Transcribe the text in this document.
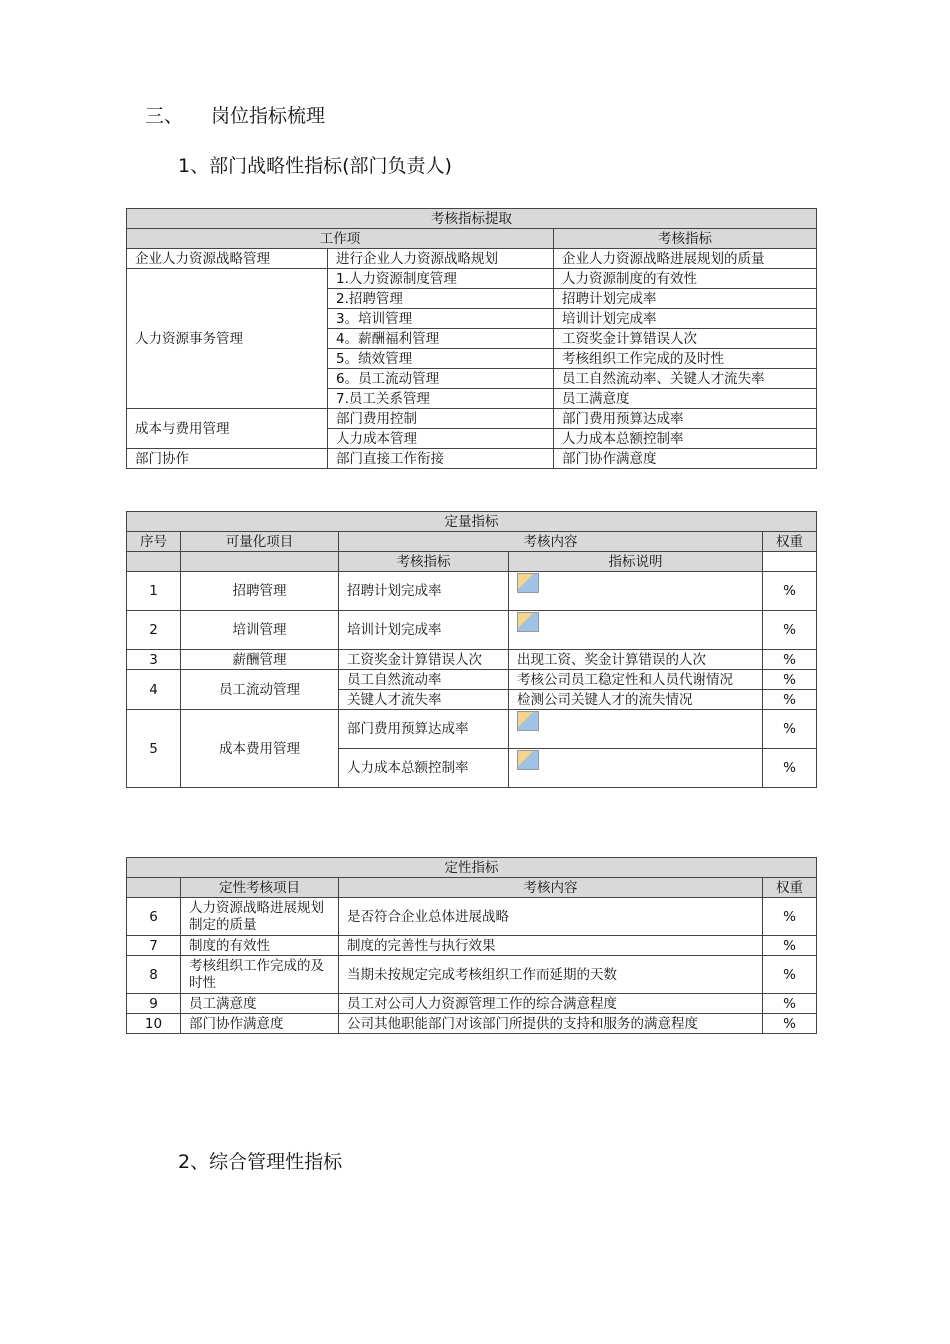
三、 岗位指标梳理
1、部门战略性指标(部门负责人)
考核指标提取		
工作项		考核指标
企业人力资源战略管理	进行企业人力资源战略规划	企业人力资源战略进展规划的质量
人力资源事务管理	1.人力资源制度管理	人力资源制度的有效性
	2.招聘管理	招聘计划完成率
	3。培训管理	培训计划完成率
	4。薪酬福利管理	工资奖金计算错误人次
	5。绩效管理	考核组织工作完成的及时性
	6。员工流动管理	员工自然流动率、关键人才流失率
	7.员工关系管理	员工满意度
成本与费用管理	部门费用控制	部门费用预算达成率
	人力成本管理	人力成本总额控制率
部门协作	部门直接工作衔接	部门协作满意度
定量指标				
序号	可量化项目	考核内容		权重
		考核指标	指标说明	
1	招聘管理	招聘计划完成率		%
2	培训管理	培训计划完成率		%
3	薪酬管理	工资奖金计算错误人次	出现工资、奖金计算错误的人次	%
4	员工流动管理	员工自然流动率	考核公司员工稳定性和人员代谢情况	%
		关键人才流失率	检测公司关键人才的流失情况	%
5	成本费用管理	部门费用预算达成率		%
		人力成本总额控制率		%
定性指标			
	定性考核项目	考核内容	权重
6	人力资源战略进展规划制定的质量	是否符合企业总体进展战略	%
7	制度的有效性	制度的完善性与执行效果	%
8	考核组织工作完成的及时性	当期未按规定完成考核组织工作而延期的天数	%
9	员工满意度	员工对公司人力资源管理工作的综合满意程度	%
10	部门协作满意度	公司其他职能部门对该部门所提供的支持和服务的满意程度	%
2、综合管理性指标
